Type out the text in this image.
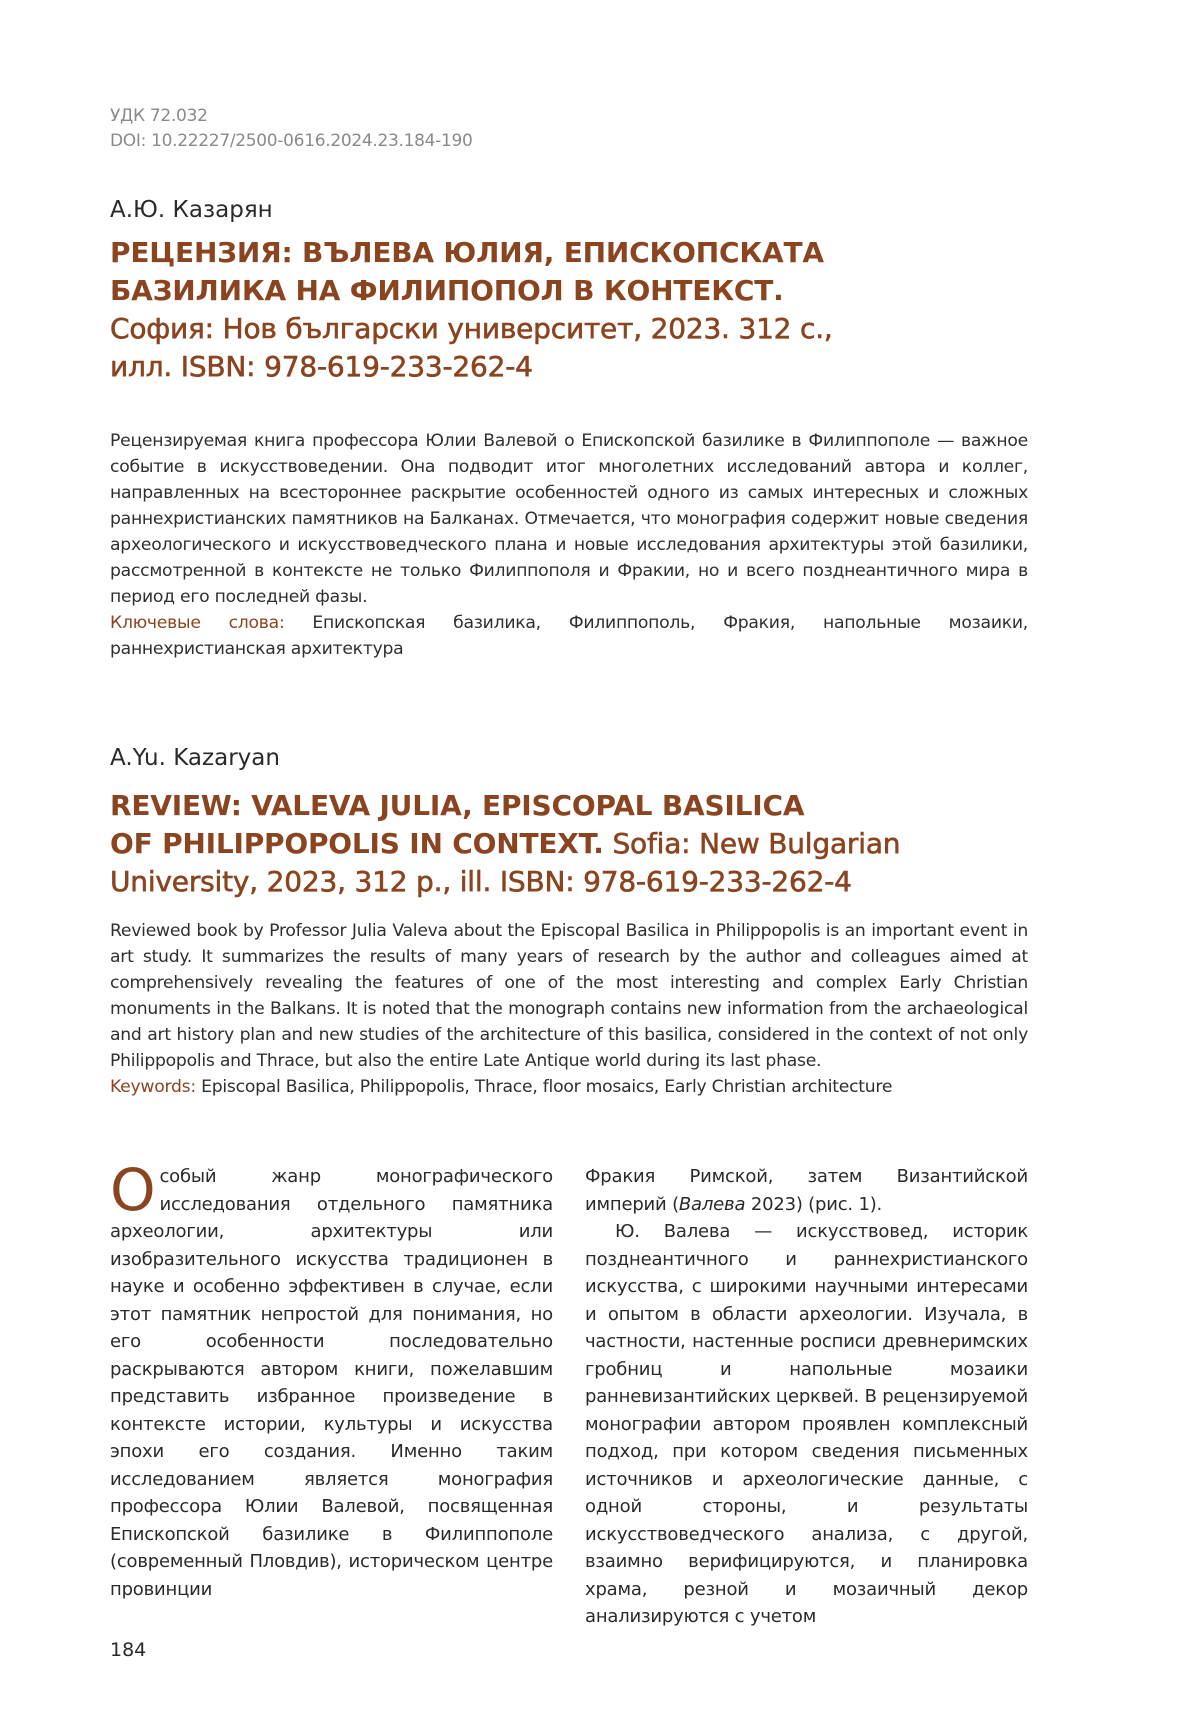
УДК 72.032
DOI: 10.22227/2500-0616.2024.23.184-190
А.Ю. Казарян
РЕЦЕНЗИЯ: ВЪЛЕВА ЮЛИЯ, ЕПИСКОПСКАТА
БАЗИЛИКА НА ФИЛИПОПОЛ В КОНТЕКСТ.
София: Нов български университет, 2023. 312 с.,
илл. ISBN: 978-619-233-262-4
Рецензируемая книга профессора Юлии Валевой о Епископской базилике в Филиппополе — важное событие в искусствоведении. Она подводит итог многолетних исследований автора и коллег, направленных на всестороннее раскрытие особенностей одного из самых интересных и сложных раннехристианских памятников на Балканах. Отмечается, что монография содержит новые сведения археологического и искусствоведческого плана и новые исследования архитектуры этой базилики, рассмотренной в контексте не только Филиппополя и Фракии, но и всего позднеантичного мира в период его последней фазы.
Ключевые слова: Епископская базилика, Филиппополь, Фракия, напольные мозаики, раннехристианская архитектура
A.Yu. Kazaryan
REVIEW: VALEVA JULIA, EPISCOPAL BASILICA
OF PHILIPPOPOLIS IN CONTEXT. Sofia: New Bulgarian
University, 2023, 312 p., ill. ISBN: 978-619-233-262-4
Reviewed book by Professor Julia Valeva about the Episcopal Basilica in Philippopolis is an important event in art study. It summarizes the results of many years of research by the author and colleagues aimed at comprehensively revealing the features of one of the most interesting and complex Early Christian monuments in the Balkans. It is noted that the monograph contains new information from the archaeological and art history plan and new studies of the architecture of this basilica, considered in the context of not only Philippopolis and Thrace, but also the entire Late Antique world during its last phase.
Keywords: Episcopal Basilica, Philippopolis, Thrace, floor mosaics, Early Christian architecture

Особый жанр монографического исследования отдельного памятника археологии, архитектуры или изобразительного искусства традиционен в науке и особенно эффективен в случае, если этот памятник непростой для понимания, но его особенности последовательно раскрываются автором книги, пожелавшим представить избранное произведение в контексте истории, культуры и искусства эпохи его создания. Именно таким исследованием является монография профессора Юлии Валевой, посвященная Епископской базилике в Филиппополе (современный Пловдив), историческом центре провинции

Фракия Римской, затем Византийской империй (Валева 2023) (рис. 1).

Ю. Валева — искусствовед, историк позднеантичного и раннехристианского искусства, с широкими научными интересами и опытом в области археологии. Изучала, в частности, настенные росписи древнеримских гробниц и напольные мозаики ранневизантийских церквей. В рецензируемой монографии автором проявлен комплексный подход, при котором сведения письменных источников и археологические данные, с одной стороны, и результаты искусствоведческого анализа, с другой, взаимно верифицируются, и планировка храма, резной и мозаичный декор анализируются с учетом

184
